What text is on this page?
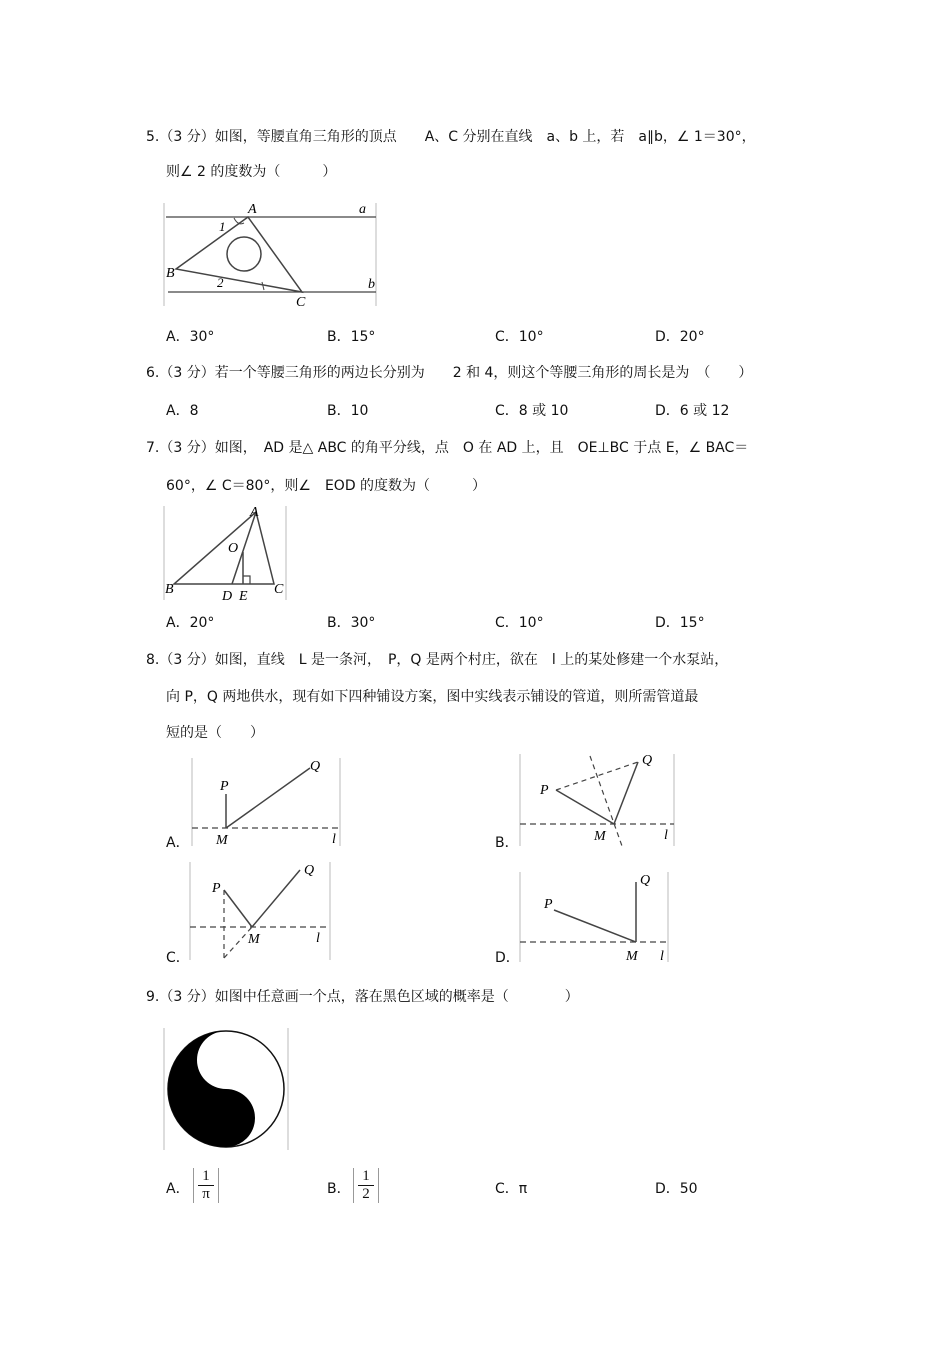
5.（3 分）如图，等腰直角三角形的顶点　　A、C 分别在直线　a、b 上，若　a∥b，∠ 1＝30°，
则∠ 2 的度数为（　　　）
A	a
B
C
b
1
2
A．30°	B．15°	C．10°	D．20°
6.（3 分）若一个等腰三角形的两边长分别为　　2 和 4，则这个等腰三角形的周长是为　（　　）
A．8	B．10	C．8 或 10	D．6 或 12
7.（3 分）如图，　AD 是△ ABC 的角平分线，点　O 在 AD 上，且　OE⊥BC 于点 E，∠ BAC＝
60°，∠ C＝80°，则∠　EOD 的度数为（　　　）
A
O
B	D E C
A．20°	B．30°	C．10°	D．15°
8.（3 分）如图，直线　L 是一条河，　P，Q 是两个村庄，欲在　l 上的某处修建一个水泵站，
向 P，Q 两地供水，现有如下四种铺设方案，图中实线表示铺设的管道，则所需管道最
短的是（　　）
A．
P
Q
M	l	B．
P
Q
M	l
C．
P
Q
M	l
D．
P
Q
M l
9.（3 分）如图中任意画一个点，落在黑色区域的概率是（　　　　）
A．
1
π	B．
1
2	C．π	D．50
